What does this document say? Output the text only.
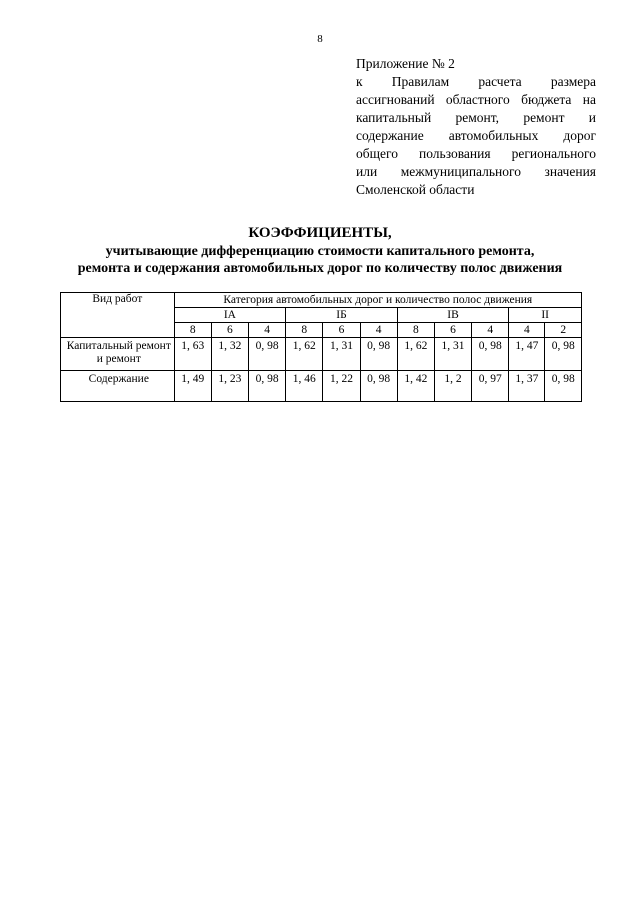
8
Приложение № 2
к Правилам расчета размера
ассигнований областного бюджета на
капитальный ремонт, ремонт и
содержание автомобильных дорог
общего пользования регионального
или межмуниципального значения
Смоленской области
КОЭФФИЦИЕНТЫ,
учитывающие дифференциацию стоимости капитального ремонта,
ремонта и содержания автомобильных дорог по количеству полос движения
Вид работ	Категория автомобильных дорог и количество полос движения										
	IА			IБ			IВ			II	
	8	6	4	8	6	4	8	6	4	4	2
Капитальный ремонт и ремонт	1, 63	1, 32	0, 98	1, 62	1, 31	0, 98	1, 62	1, 31	0, 98	1, 47	0, 98
Содержание	1, 49	1, 23	0, 98	1, 46	1, 22	0, 98	1, 42	1, 2	0, 97	1, 37	0, 98
